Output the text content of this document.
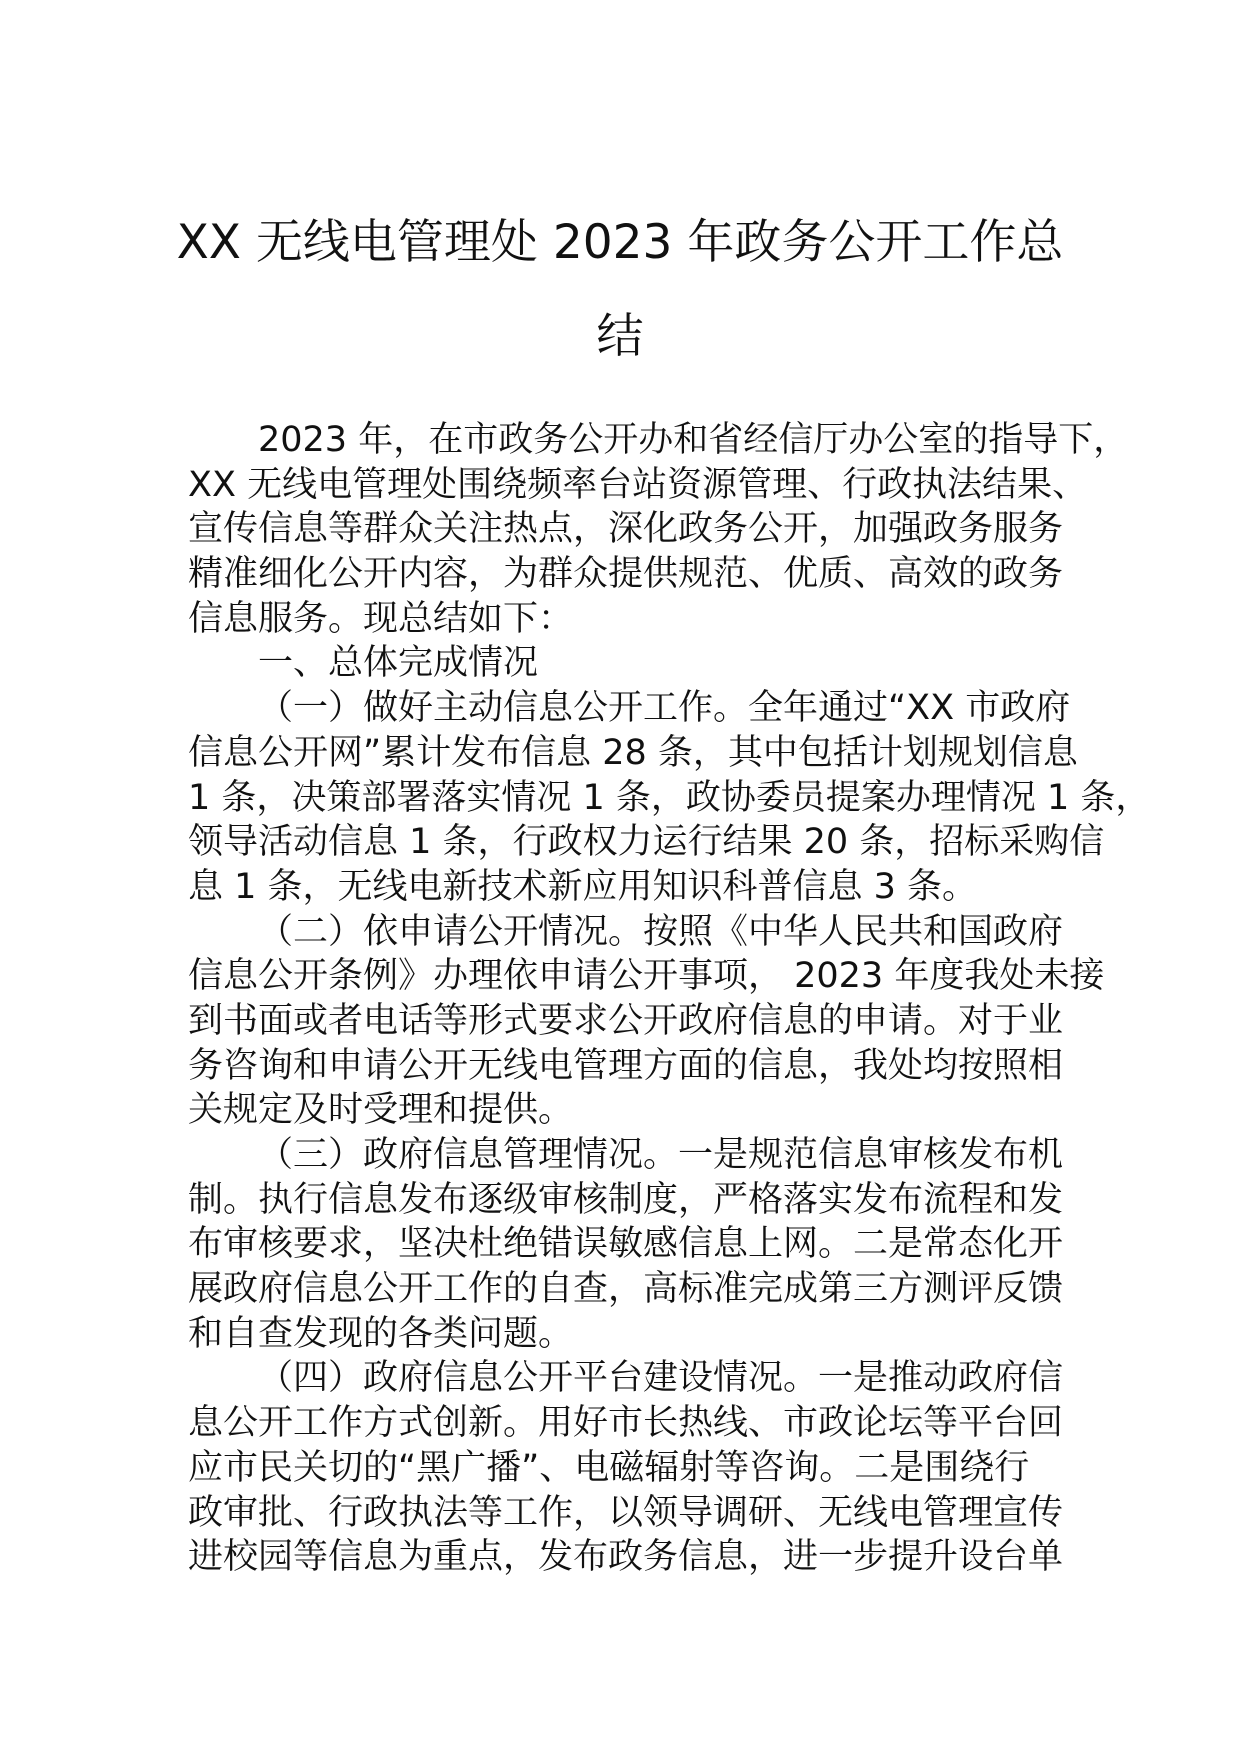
XX 无线电管理处 2023 年政务公开工作总
结
2023 年，在市政务公开办和省经信厅办公室的指导下，
XX 无线电管理处围绕频率台站资源管理、行政执法结果、
宣传信息等群众关注热点，深化政务公开，加强政务服务
精准细化公开内容，为群众提供规范、优质、高效的政务
信息服务。现总结如下：
一、总体完成情况
（一）做好主动信息公开工作。全年通过“XX 市政府
信息公开网”累计发布信息 28 条，其中包括计划规划信息
1 条，决策部署落实情况 1 条，政协委员提案办理情况 1 条，
领导活动信息 1 条，行政权力运行结果 20 条，招标采购信
息 1 条，无线电新技术新应用知识科普信息 3 条。
（二）依申请公开情况。按照《中华人民共和国政府
信息公开条例》办理依申请公开事项， 2023 年度我处未接
到书面或者电话等形式要求公开政府信息的申请。对于业
务咨询和申请公开无线电管理方面的信息，我处均按照相
关规定及时受理和提供。
（三）政府信息管理情况。一是规范信息审核发布机
制。执行信息发布逐级审核制度，严格落实发布流程和发
布审核要求，坚决杜绝错误敏感信息上网。二是常态化开
展政府信息公开工作的自查，高标准完成第三方测评反馈
和自查发现的各类问题。
（四）政府信息公开平台建设情况。一是推动政府信
息公开工作方式创新。用好市长热线、市政论坛等平台回
应市民关切的“黑广播”、电磁辐射等咨询。二是围绕行
政审批、行政执法等工作，以领导调研、无线电管理宣传
进校园等信息为重点，发布政务信息，进一步提升设台单
